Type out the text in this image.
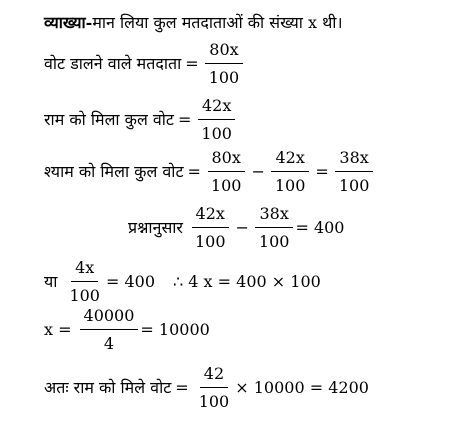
व्याख्या- मान लिया कुल मतदाताओं की संख्या x थी।
वोट डालने वाले मतदाता = $\frac{80x}{100}$
राम को मिला कुल वोट = $\frac{42x}{100}$
श्याम को मिला कुल वोट = $\frac{80x}{100} - \frac{42x}{100} = \frac{38x}{100}$
प्रश्नानुसार $\frac{42x}{100} - \frac{38x}{100} = 400$
या $\frac{4x}{100} = 400$ ∴ 4 x = 400 × 100
$x = \frac{40000}{4} = 10000$
अतः राम को मिले वोट = $\frac{42}{100} \times 10000 = 4200$
